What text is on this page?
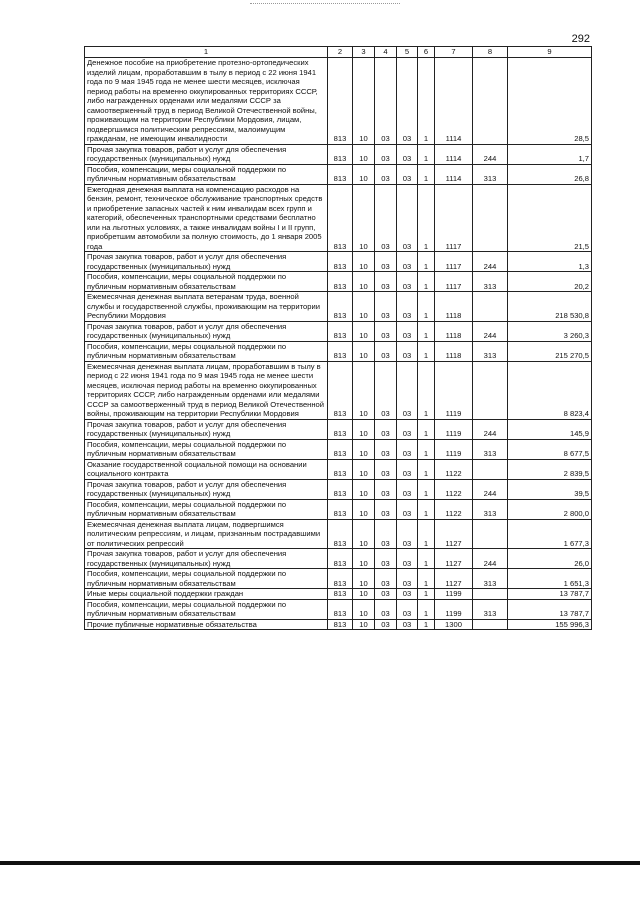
292
1	2	3	4	5	6	7	8	9
Денежное пособие на приобретение протезно-ортопедических изделий лицам, проработавшим в тылу в период с 22 июня 1941 года по 9 мая 1945 года не менее шести месяцев, исключая период работы на временно оккупированных территориях СССР, либо награжденных орденами или медалями СССР за самоотверженный труд в период Великой Отечественной войны, проживающим на территории Республики Мордовия, лицам, подвергшимся политическим репрессиям, малоимущим гражданам, не имеющим инвалидности	813	10	03	03	1	1114		28,5
Прочая закупка товаров, работ и услуг для обеспечения государственных (муниципальных) нужд	813	10	03	03	1	1114	244	1,7
Пособия, компенсации, меры социальной поддержки по публичным нормативным обязательствам	813	10	03	03	1	1114	313	26,8
Ежегодная денежная выплата на компенсацию расходов на бензин, ремонт, техническое обслуживание транспортных средств и приобретение запасных частей к ним инвалидам всех групп и категорий, обеспеченных транспортными средствами бесплатно или на льготных условиях, а также инвалидам войны I и II групп, приобретшим автомобили за полную стоимость, до 1 января 2005 года	813	10	03	03	1	1117		21,5
Прочая закупка товаров, работ и услуг для обеспечения государственных (муниципальных) нужд	813	10	03	03	1	1117	244	1,3
Пособия, компенсации, меры социальной поддержки по публичным нормативным обязательствам	813	10	03	03	1	1117	313	20,2
Ежемесячная денежная выплата ветеранам труда, военной службы и государственной службы, проживающим на территории Республики Мордовия	813	10	03	03	1	1118		218 530,8
Прочая закупка товаров, работ и услуг для обеспечения государственных (муниципальных) нужд	813	10	03	03	1	1118	244	3 260,3
Пособия, компенсации, меры социальной поддержки по публичным нормативным обязательствам	813	10	03	03	1	1118	313	215 270,5
Ежемесячная денежная выплата лицам, проработавшим в тылу в период с 22 июня 1941 года по 9 мая 1945 года не менее шести месяцев, исключая период работы на временно оккупированных территориях СССР, либо награжденным орденами или медалями СССР за самоотверженный труд в период Великой Отечественной войны, проживающим на территории Республики Мордовия	813	10	03	03	1	1119		8 823,4
Прочая закупка товаров, работ и услуг для обеспечения государственных (муниципальных) нужд	813	10	03	03	1	1119	244	145,9
Пособия, компенсации, меры социальной поддержки по публичным нормативным обязательствам	813	10	03	03	1	1119	313	8 677,5
Оказание государственной социальной помощи на основании социального контракта	813	10	03	03	1	1122		2 839,5
Прочая закупка товаров, работ и услуг для обеспечения государственных (муниципальных) нужд	813	10	03	03	1	1122	244	39,5
Пособия, компенсации, меры социальной поддержки по публичным нормативным обязательствам	813	10	03	03	1	1122	313	2 800,0
Ежемесячная денежная выплата лицам, подвергшимся политическим репрессиям, и лицам, признанным пострадавшими от политических репрессий	813	10	03	03	1	1127		1 677,3
Прочая закупка товаров, работ и услуг для обеспечения государственных (муниципальных) нужд	813	10	03	03	1	1127	244	26,0
Пособия, компенсации, меры социальной поддержки по публичным нормативным обязательствам	813	10	03	03	1	1127	313	1 651,3
Иные меры социальной поддержки граждан	813	10	03	03	1	1199		13 787,7
Пособия, компенсации, меры социальной поддержки по публичным нормативным обязательствам	813	10	03	03	1	1199	313	13 787,7
Прочие публичные нормативные обязательства	813	10	03	03	1	1300		155 996,3
